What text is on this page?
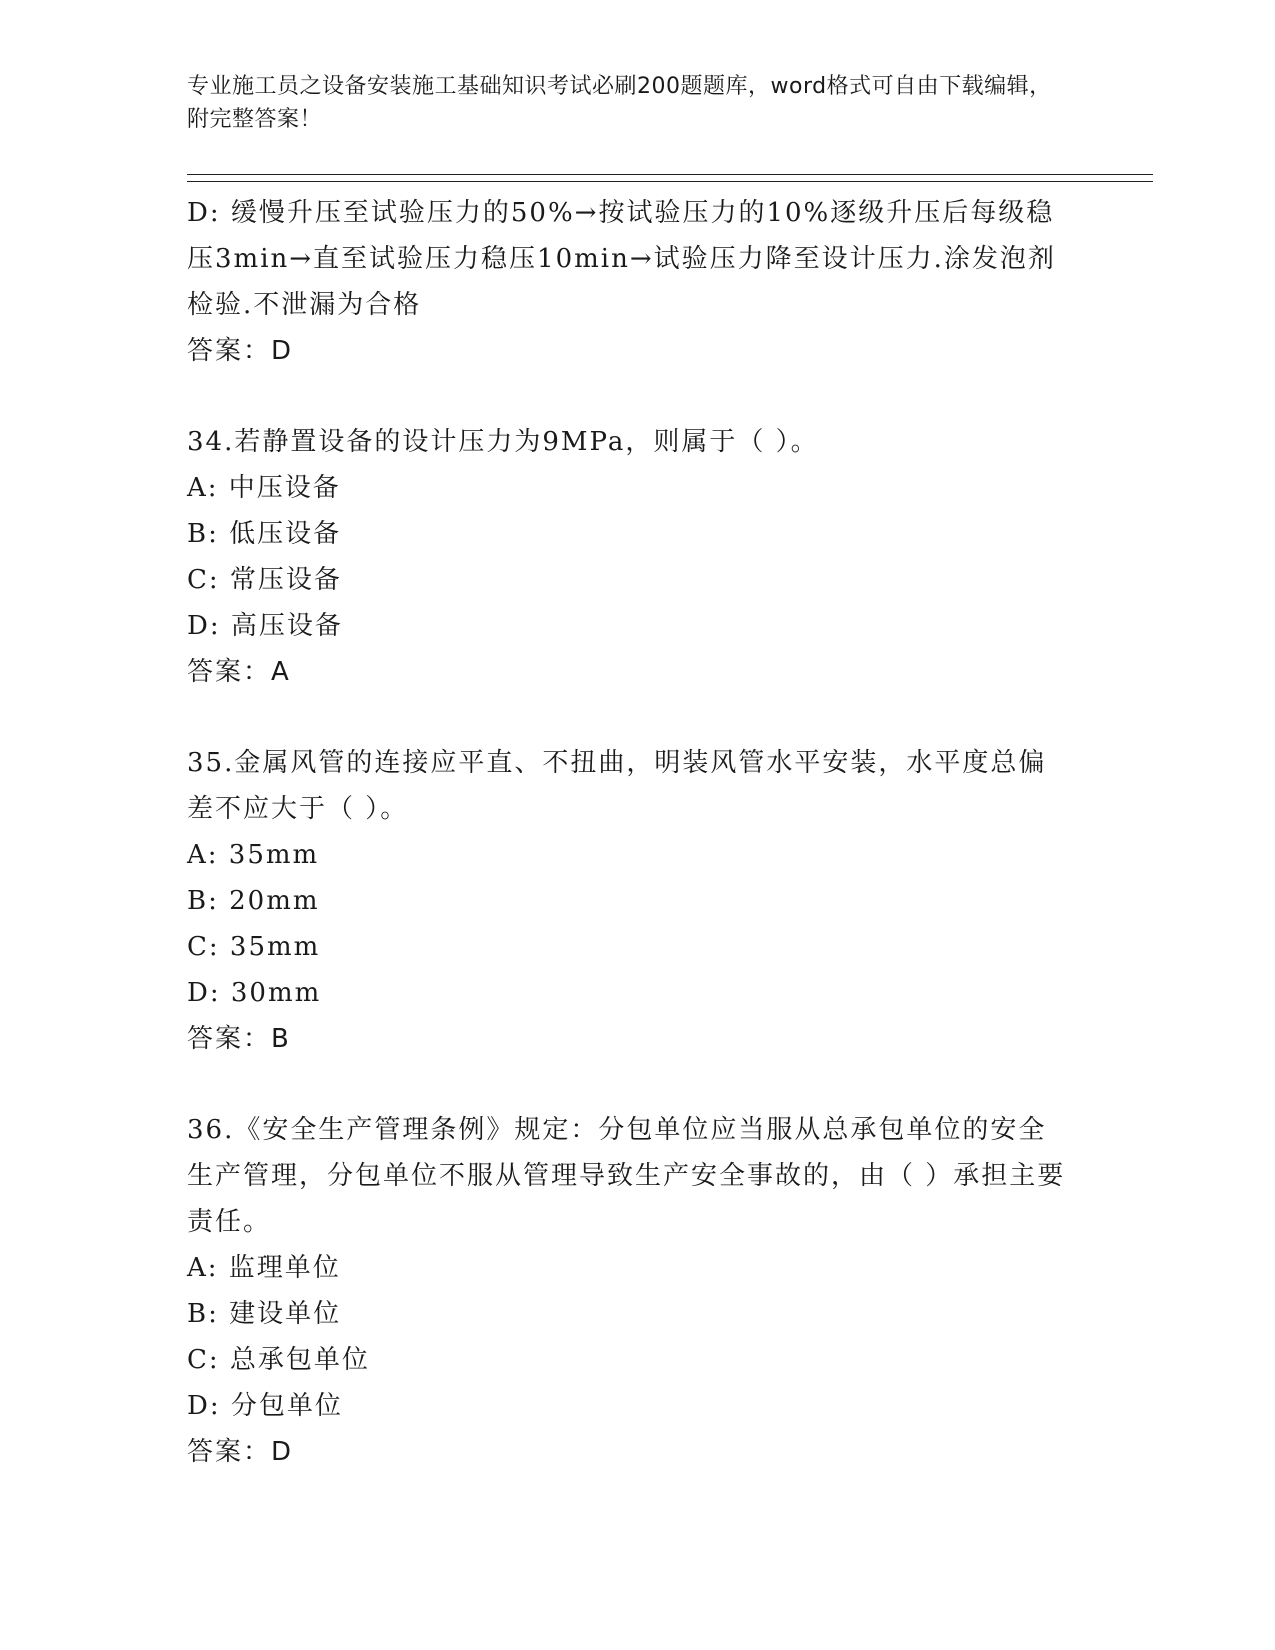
专业施工员之设备安装施工基础知识考试必刷200题题库，word格式可自由下载编辑，附完整答案！

D: 缓慢升压至试验压力的50%→按试验压力的10%逐级升压后每级稳压3min→直至试验压力稳压10min→试验压力降至设计压力.涂发泡剂检验.不泄漏为合格

答案：D

34.若静置设备的设计压力为9MPa，则属于（ ）。

A: 中压设备

B: 低压设备

C: 常压设备

D: 高压设备

答案：A

35.金属风管的连接应平直、不扭曲，明装风管水平安装，水平度总偏差不应大于（ ）。

A: 35mm

B: 20mm

C: 35mm

D: 30mm

答案：B

36.《安全生产管理条例》规定：分包单位应当服从总承包单位的安全生产管理，分包单位不服从管理导致生产安全事故的，由（ ）承担主要责任。

A: 监理单位

B: 建设单位

C: 总承包单位

D: 分包单位

答案：D
